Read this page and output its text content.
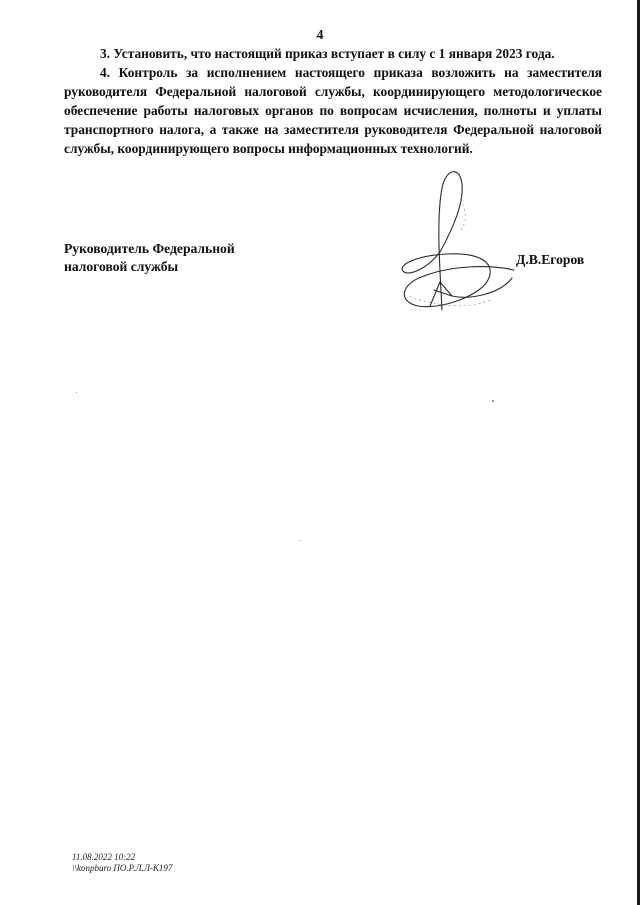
4

3. Установить, что настоящий приказ вступает в силу с 1 января 2023 года.

4. Контроль за исполнением настоящего приказа возложить на заместителя руководителя Федеральной налоговой службы, координирующего методологическое обеспечение работы налоговых органов по вопросам исчисления, полноты и уплаты транспортного налога, а также на заместителя руководителя Федеральной налоговой службы, координирующего вопросы информационных технологий.

Руководитель Федеральной
налоговой службы	Д.В.Егоров
11.08.2022 10:22
\\konpburo ПО.Р.Л.Л-К197
